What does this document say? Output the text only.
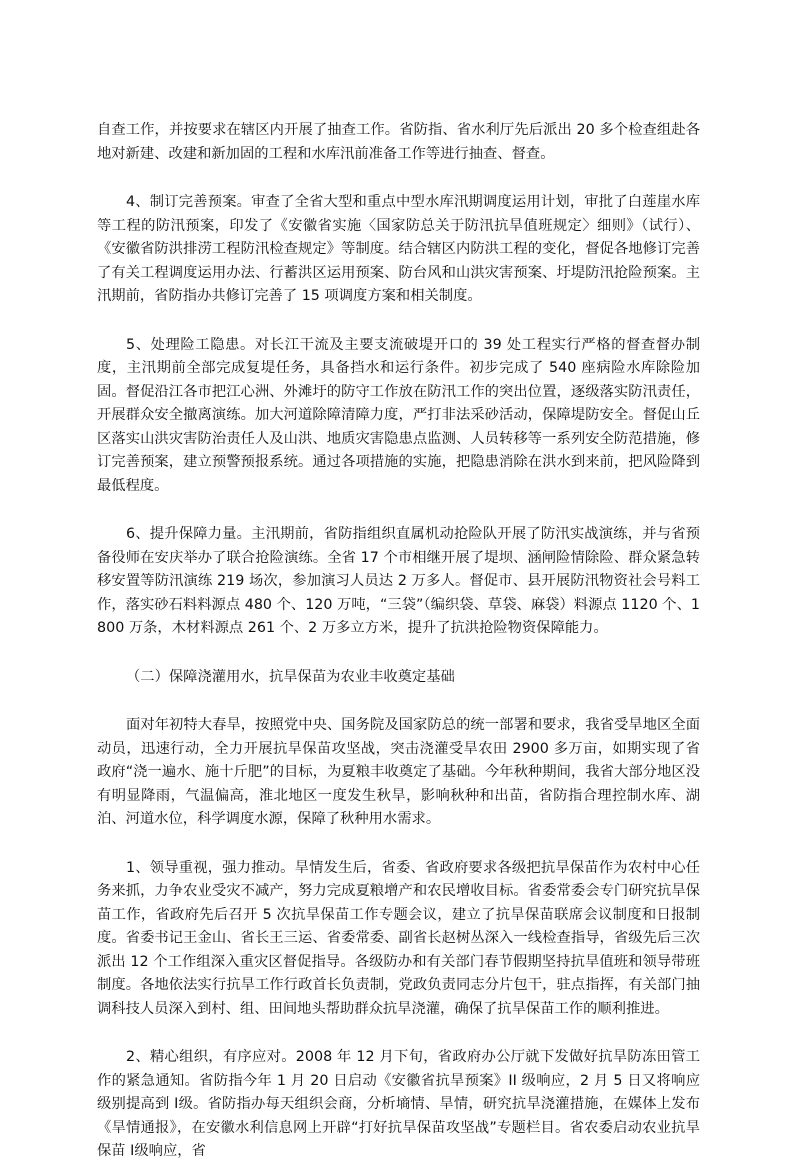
自查工作，并按要求在辖区内开展了抽查工作。省防指、省水利厅先后派出 20 多个检查组赴各地对新建、改建和新加固的工程和水库汛前准备工作等进行抽查、督查。

4、制订完善预案。审查了全省大型和重点中型水库汛期调度运用计划，审批了白莲崖水库等工程的防汛预案，印发了《安徽省实施〈国家防总关于防汛抗旱值班规定〉细则》（试行）、《安徽省防洪排涝工程防汛检查规定》等制度。结合辖区内防洪工程的变化，督促各地修订完善了有关工程调度运用办法、行蓄洪区运用预案、防台风和山洪灾害预案、圩堤防汛抢险预案。主汛期前，省防指办共修订完善了 15 项调度方案和相关制度。

5、处理险工隐患。对长江干流及主要支流破堤开口的 39 处工程实行严格的督查督办制度，主汛期前全部完成复堤任务，具备挡水和运行条件。初步完成了 540 座病险水库除险加固。督促沿江各市把江心洲、外滩圩的防守工作放在防汛工作的突出位置，逐级落实防汛责任，开展群众安全撤离演练。加大河道除障清障力度，严打非法采砂活动，保障堤防安全。督促山丘区落实山洪灾害防治责任人及山洪、地质灾害隐患点监测、人员转移等一系列安全防范措施，修订完善预案，建立预警预报系统。通过各项措施的实施，把隐患消除在洪水到来前，把风险降到最低程度。

6、提升保障力量。主汛期前，省防指组织直属机动抢险队开展了防汛实战演练，并与省预备役师在安庆举办了联合抢险演练。全省 17 个市相继开展了堤坝、涵闸险情除险、群众紧急转移安置等防汛演练 219 场次，参加演习人员达 2 万多人。督促市、县开展防汛物资社会号料工作，落实砂石料料源点 480 个、120 万吨，“三袋”（编织袋、草袋、麻袋）料源点 1120 个、1800 万条，木材料源点 261 个、2 万多立方米，提升了抗洪抢险物资保障能力。

（二）保障浇灌用水，抗旱保苗为农业丰收奠定基础

面对年初特大春旱，按照党中央、国务院及国家防总的统一部署和要求，我省受旱地区全面动员，迅速行动，全力开展抗旱保苗攻坚战，突击浇灌受旱农田 2900 多万亩，如期实现了省政府“浇一遍水、施十斤肥”的目标，为夏粮丰收奠定了基础。今年秋种期间，我省大部分地区没有明显降雨，气温偏高，淮北地区一度发生秋旱，影响秋种和出苗，省防指合理控制水库、湖泊、河道水位，科学调度水源，保障了秋种用水需求。

1、领导重视，强力推动。旱情发生后，省委、省政府要求各级把抗旱保苗作为农村中心任务来抓，力争农业受灾不减产，努力完成夏粮增产和农民增收目标。省委常委会专门研究抗旱保苗工作，省政府先后召开 5 次抗旱保苗工作专题会议，建立了抗旱保苗联席会议制度和日报制度。省委书记王金山、省长王三运、省委常委、副省长赵树丛深入一线检查指导，省级先后三次派出 12 个工作组深入重灾区督促指导。各级防办和有关部门春节假期坚持抗旱值班和领导带班制度。各地依法实行抗旱工作行政首长负责制，党政负责同志分片包干，驻点指挥，有关部门抽调科技人员深入到村、组、田间地头帮助群众抗旱浇灌，确保了抗旱保苗工作的顺利推进。

2、精心组织，有序应对。2008 年 12 月下旬，省政府办公厅就下发做好抗旱防冻田管工作的紧急通知。省防指今年 1 月 20 日启动《安徽省抗旱预案》II 级响应，2 月 5 日又将响应级别提高到 I级。省防指办每天组织会商，分析墒情、旱情，研究抗旱浇灌措施，在媒体上发布《旱情通报》，在安徽水利信息网上开辟“打好抗旱保苗攻坚战”专题栏目。省农委启动农业抗旱保苗 I级响应，省
